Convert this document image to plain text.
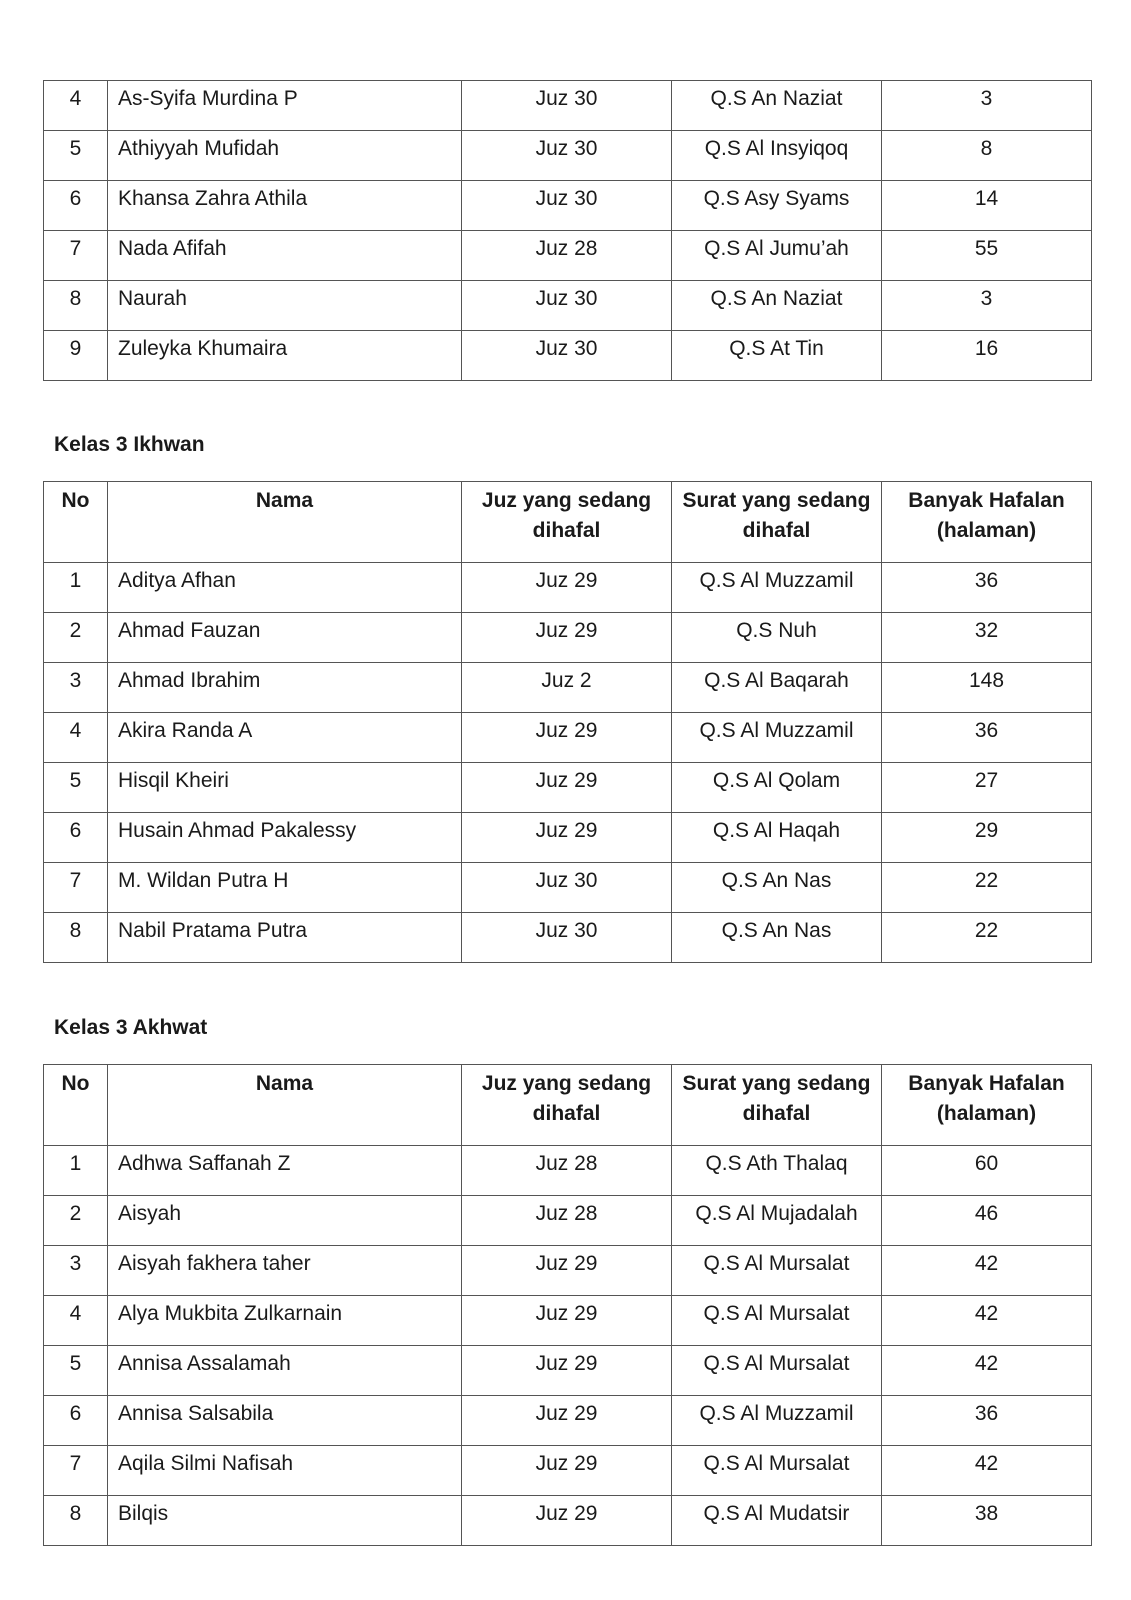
4	As-Syifa Murdina P	Juz 30	Q.S An Naziat	3
5	Athiyyah Mufidah	Juz 30	Q.S Al Insyiqoq	8
6	Khansa Zahra Athila	Juz 30	Q.S Asy Syams	14
7	Nada Afifah	Juz 28	Q.S Al Jumu’ah	55
8	Naurah	Juz 30	Q.S An Naziat	3
9	Zuleyka Khumaira	Juz 30	Q.S At Tin	16
Kelas 3 Ikhwan
No	Nama	Juz yang sedang dihafal	Surat yang sedang dihafal	Banyak Hafalan (halaman)
1	Aditya Afhan	Juz 29	Q.S Al Muzzamil	36
2	Ahmad Fauzan	Juz 29	Q.S Nuh	32
3	Ahmad Ibrahim	Juz 2	Q.S Al Baqarah	148
4	Akira Randa A	Juz 29	Q.S Al Muzzamil	36
5	Hisqil Kheiri	Juz 29	Q.S Al Qolam	27
6	Husain Ahmad Pakalessy	Juz 29	Q.S Al Haqah	29
7	M. Wildan Putra H	Juz 30	Q.S An Nas	22
8	Nabil Pratama Putra	Juz 30	Q.S An Nas	22
Kelas 3 Akhwat
No	Nama	Juz yang sedang dihafal	Surat yang sedang dihafal	Banyak Hafalan (halaman)
1	Adhwa Saffanah Z	Juz 28	Q.S Ath Thalaq	60
2	Aisyah	Juz 28	Q.S Al Mujadalah	46
3	Aisyah fakhera taher	Juz 29	Q.S Al Mursalat	42
4	Alya Mukbita Zulkarnain	Juz 29	Q.S Al Mursalat	42
5	Annisa Assalamah	Juz 29	Q.S Al Mursalat	42
6	Annisa Salsabila	Juz 29	Q.S Al Muzzamil	36
7	Aqila Silmi Nafisah	Juz 29	Q.S Al Mursalat	42
8	Bilqis	Juz 29	Q.S Al Mudatsir	38
